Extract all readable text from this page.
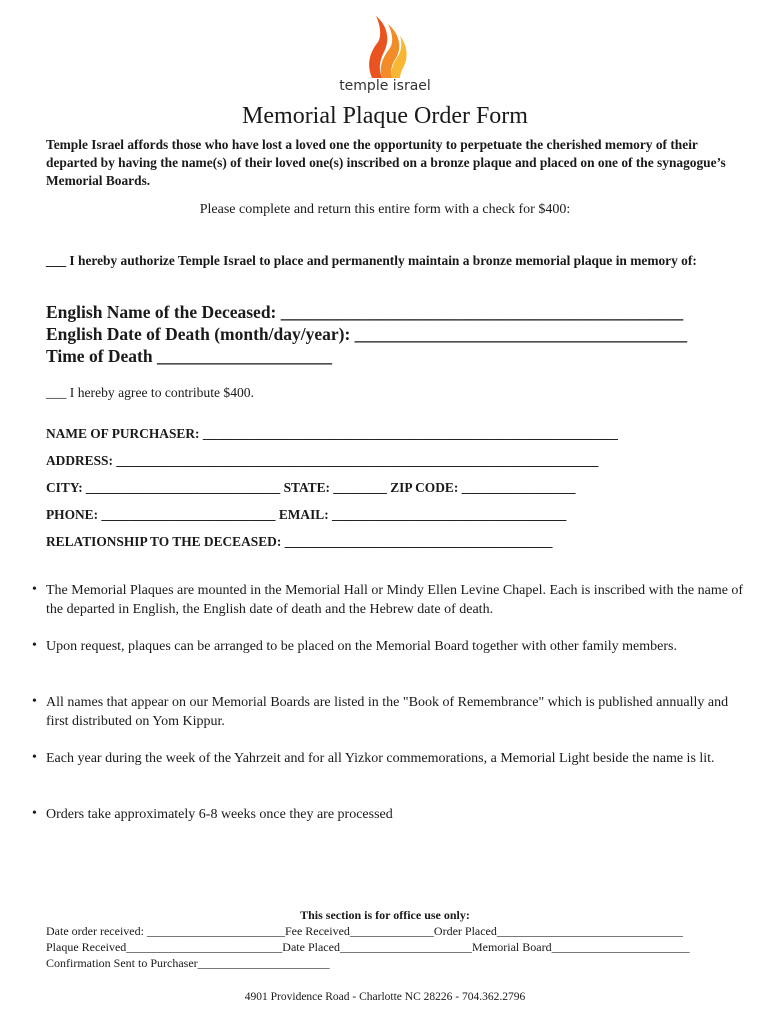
temple israel
Memorial Plaque Order Form
Temple Israel affords those who have lost a loved one the opportunity to perpetuate the cherished memory of their departed by having the name(s) of their loved one(s) inscribed on a bronze plaque and placed on one of the synagogue’s Memorial Boards.
Please complete and return this entire form with a check for $400:
___ I hereby authorize Temple Israel to place and permanently maintain a bronze memorial plaque in memory of:
English Name of the Deceased: ______________________________________________
English Date of Death (month/day/year): ______________________________________
Time of Death ____________________
___ I hereby agree to contribute $400.
NAME OF PURCHASER: ______________________________________________________________
ADDRESS: ________________________________________________________________________
CITY: _____________________________ STATE: ________ ZIP CODE: _________________
PHONE: __________________________ EMAIL: ___________________________________
RELATIONSHIP TO THE DECEASED: ________________________________________
• The Memorial Plaques are mounted in the Memorial Hall or Mindy Ellen Levine Chapel. Each is inscribed with the name of the departed in English, the English date of death and the Hebrew date of death.
• Upon request, plaques can be arranged to be placed on the Memorial Board together with other family members.
• All names that appear on our Memorial Boards are listed in the "Book of Remembrance" which is published annually and first distributed on Yom Kippur.
• Each year during the week of the Yahrzeit and for all Yizkor commemorations, a Memorial Light beside the name is lit.
• Orders take approximately 6-8 weeks once they are processed
This section is for office use only:
Date order received: _______________________Fee Received______________Order Placed_______________________________
Plaque Received__________________________Date Placed______________________Memorial Board_______________________
Confirmation Sent to Purchaser______________________
4901 Providence Road - Charlotte NC 28226 - 704.362.2796
